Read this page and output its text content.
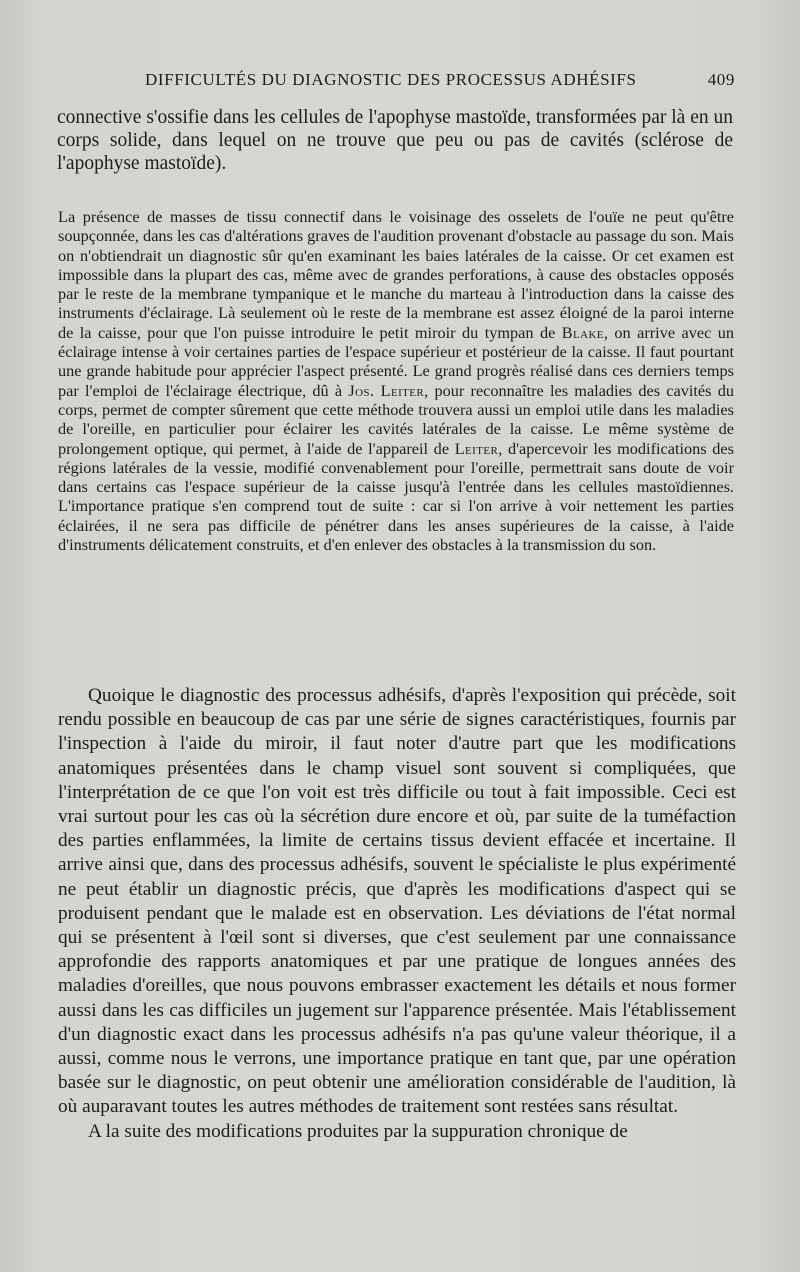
DIFFICULTÉS DU DIAGNOSTIC DES PROCESSUS ADHÉSIFS	409

connective s'ossifie dans les cellules de l'apophyse mastoïde, transformées par là en un corps solide, dans lequel on ne trouve que peu ou pas de cavités (sclérose de l'apophyse mastoïde).

La présence de masses de tissu connectif dans le voisinage des osselets de l'ouïe ne peut qu'être soupçonnée, dans les cas d'altérations graves de l'audition provenant d'obstacle au passage du son. Mais on n'obtiendrait un diagnostic sûr qu'en examinant les baies latérales de la caisse. Or cet examen est impossible dans la plupart des cas, même avec de grandes perforations, à cause des obstacles opposés par le reste de la membrane tympanique et le manche du marteau à l'introduction dans la caisse des instruments d'éclairage. Là seulement où le reste de la membrane est assez éloigné de la paroi interne de la caisse, pour que l'on puisse introduire le petit miroir du tympan de Blake, on arrive avec un éclairage intense à voir certaines parties de l'espace supérieur et postérieur de la caisse. Il faut pourtant une grande habitude pour apprécier l'aspect présenté. Le grand progrès réalisé dans ces derniers temps par l'emploi de l'éclairage électrique, dû à Jos. Leiter, pour reconnaître les maladies des cavités du corps, permet de compter sûrement que cette méthode trouvera aussi un emploi utile dans les maladies de l'oreille, en particulier pour éclairer les cavités latérales de la caisse. Le même système de prolongement optique, qui permet, à l'aide de l'appareil de Leiter, d'apercevoir les modifications des régions latérales de la vessie, modifié convenablement pour l'oreille, permettrait sans doute de voir dans certains cas l'espace supérieur de la caisse jusqu'à l'entrée dans les cellules mastoïdiennes. L'importance pratique s'en comprend tout de suite : car si l'on arrive à voir nettement les parties éclairées, il ne sera pas difficile de pénétrer dans les anses supérieures de la caisse, à l'aide d'instruments délicatement construits, et d'en enlever des obstacles à la transmission du son.

Quoique le diagnostic des processus adhésifs, d'après l'exposition qui précède, soit rendu possible en beaucoup de cas par une série de signes caractéristiques, fournis par l'inspection à l'aide du miroir, il faut noter d'autre part que les modifications anatomiques présentées dans le champ visuel sont souvent si compliquées, que l'interprétation de ce que l'on voit est très difficile ou tout à fait impossible. Ceci est vrai surtout pour les cas où la sécrétion dure encore et où, par suite de la tuméfaction des parties enflammées, la limite de certains tissus devient effacée et incertaine. Il arrive ainsi que, dans des processus adhésifs, souvent le spécialiste le plus expérimenté ne peut établir un diagnostic précis, que d'après les modifications d'aspect qui se produisent pendant que le malade est en observation. Les déviations de l'état normal qui se présentent à l'œil sont si diverses, que c'est seulement par une connaissance approfondie des rapports anatomiques et par une pratique de longues années des maladies d'oreilles, que nous pouvons embrasser exactement les détails et nous former aussi dans les cas difficiles un jugement sur l'apparence présentée. Mais l'établissement d'un diagnostic exact dans les processus adhésifs n'a pas qu'une valeur théorique, il a aussi, comme nous le verrons, une importance pratique en tant que, par une opération basée sur le diagnostic, on peut obtenir une amélioration considérable de l'audition, là où auparavant toutes les autres méthodes de traitement sont restées sans résultat.

A la suite des modifications produites par la suppuration chronique de
